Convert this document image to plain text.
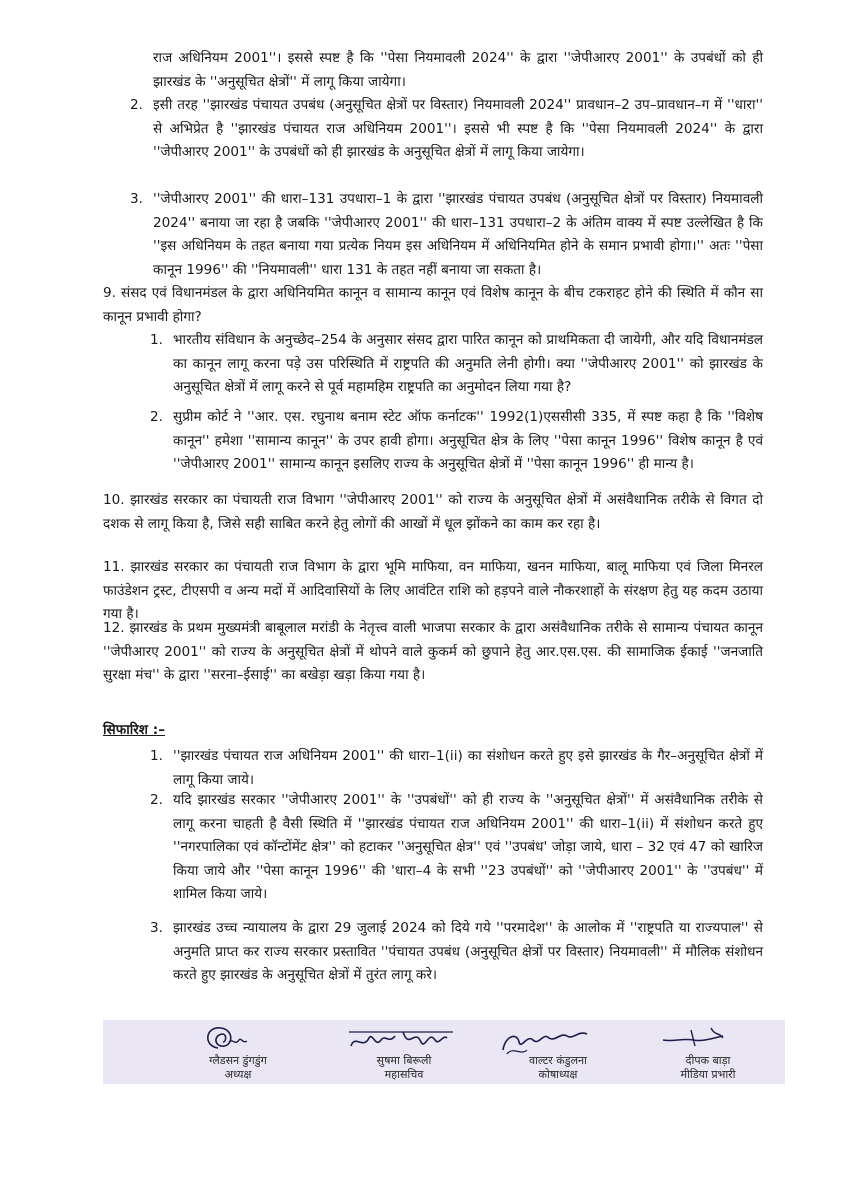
राज अधिनियम 2001''। इससे स्पष्ट है कि ''पेसा नियमावली 2024'' के द्वारा ''जेपीआरए 2001'' के उपबंधों को ही झारखंड के ''अनुसूचित क्षेत्रों'' में लागू किया जायेगा।

2. इसी तरह ''झारखंड पंचायत उपबंध (अनुसूचित क्षेत्रों पर विस्तार) नियमावली 2024'' प्रावधान–2 उप–प्रावधान–ग में ''धारा'' से अभिप्रेत है ''झारखंड पंचायत राज अधिनियम 2001''। इससे भी स्पष्ट है कि ''पेसा नियमावली 2024'' के द्वारा ''जेपीआरए 2001'' के उपबंधों को ही झारखंड के अनुसूचित क्षेत्रों में लागू किया जायेगा।

3. ''जेपीआरए 2001'' की धारा–131 उपधारा–1 के द्वारा ''झारखंड पंचायत उपबंध (अनुसूचित क्षेत्रों पर विस्तार) नियमावली 2024'' बनाया जा रहा है जबकि ''जेपीआरए 2001'' की धारा–131 उपधारा–2 के अंतिम वाक्य में स्पष्ट उल्लेखित है कि ''इस अधिनियम के तहत बनाया गया प्रत्येक नियम इस अधिनियम में अधिनियमित होने के समान प्रभावी होगा।'' अतः ''पेसा कानून 1996'' की ''नियमावली'' धारा 131 के तहत नहीं बनाया जा सकता है।

9. संसद एवं विधानमंडल के द्वारा अधिनियमित कानून व सामान्य कानून एवं विशेष कानून के बीच टकराहट होने की स्थिति में कौन सा कानून प्रभावी होगा?

1. भारतीय संविधान के अनुच्छेद–254 के अनुसार संसद द्वारा पारित कानून को प्राथमिकता दी जायेगी, और यदि विधानमंडल का कानून लागू करना पड़े उस परिस्थिति में राष्ट्रपति की अनुमति लेनी होगी। क्या ''जेपीआरए 2001'' को झारखंड के अनुसूचित क्षेत्रों में लागू करने से पूर्व महामहिम राष्ट्रपति का अनुमोदन लिया गया है?

2. सुप्रीम कोर्ट ने ''आर. एस. रघुनाथ बनाम स्टेट ऑफ कर्नाटक'' 1992(1)एससीसी 335, में स्पष्ट कहा है कि ''विशेष कानून'' हमेशा ''सामान्य कानून'' के उपर हावी होगा। अनुसूचित क्षेत्र के लिए ''पेसा कानून 1996'' विशेष कानून है एवं ''जेपीआरए 2001'' सामान्य कानून इसलिए राज्य के अनुसूचित क्षेत्रों में ''पेसा कानून 1996'' ही मान्य है।

10. झारखंड सरकार का पंचायती राज विभाग ''जेपीआरए 2001'' को राज्य के अनुसूचित क्षेत्रों में असंवैधानिक तरीके से विगत दो दशक से लागू किया है, जिसे सही साबित करने हेतु लोगों की आखों में धूल झोंकने का काम कर रहा है।

11. झारखंड सरकार का पंचायती राज विभाग के द्वारा भूमि माफिया, वन माफिया, खनन माफिया, बालू माफिया एवं जिला मिनरल फाउंडेशन ट्रस्ट, टीएसपी व अन्य मदों में आदिवासियों के लिए आवंटित राशि को हड़पने वाले नौकरशाहों के संरक्षण हेतु यह कदम उठाया गया है।

12. झारखंड के प्रथम मुख्यमंत्री बाबूलाल मरांडी के नेतृत्त्व वाली भाजपा सरकार के द्वारा असंवैधानिक तरीके से सामान्य पंचायत कानून ''जेपीआरए 2001'' को राज्य के अनुसूचित क्षेत्रों में थोपने वाले कुकर्म को छुपाने हेतु आर.एस.एस. की सामाजिक ईकाई ''जनजाति सुरक्षा मंच'' के द्वारा ''सरना–ईसाई'' का बखेड़ा खड़ा किया गया है।

सिफारिश :–

1. ''झारखंड पंचायत राज अधिनियम 2001'' की धारा–1(ii) का संशोधन करते हुए इसे झारखंड के गैर–अनुसूचित क्षेत्रों में लागू किया जाये।

2. यदि झारखंड सरकार ''जेपीआरए 2001'' के ''उपबंधों'' को ही राज्य के ''अनुसूचित क्षेत्रों'' में असंवैधानिक तरीके से लागू करना चाहती है वैसी स्थिति में ''झारखंड पंचायत राज अधिनियम 2001'' की धारा–1(ii) में संशोधन करते हुए ''नगरपालिका एवं कॉन्टोंमेंट क्षेत्र'' को हटाकर ''अनुसूचित क्षेत्र'' एवं ''उपबंध' जोड़ा जाये, धारा – 32 एवं 47 को खारिज किया जाये और ''पेसा कानून 1996'' की 'धारा–4 के सभी ''23 उपबंधों'' को ''जेपीआरए 2001'' के ''उपबंध'' में शामिल किया जाये।

3. झारखंड उच्च न्यायालय के द्वारा 29 जुलाई 2024 को दिये गये ''परमादेश'' के आलोक में ''राष्ट्रपति या राज्यपाल'' से अनुमति प्राप्त कर राज्य सरकार प्रस्तावित ''पंचायत उपबंध (अनुसूचित क्षेत्रों पर विस्तार) नियमावली'' में मौलिक संशोधन करते हुए झारखंड के अनुसूचित क्षेत्रों में तुरंत लागू करे।

ग्लैडसन डुंगडुंग
अध्यक्ष
सुषमा बिरूली
महासचिव
वाल्टर कंडुलना
कोषाध्यक्ष
दीपक बाड़ा
मीडिया प्रभारी
